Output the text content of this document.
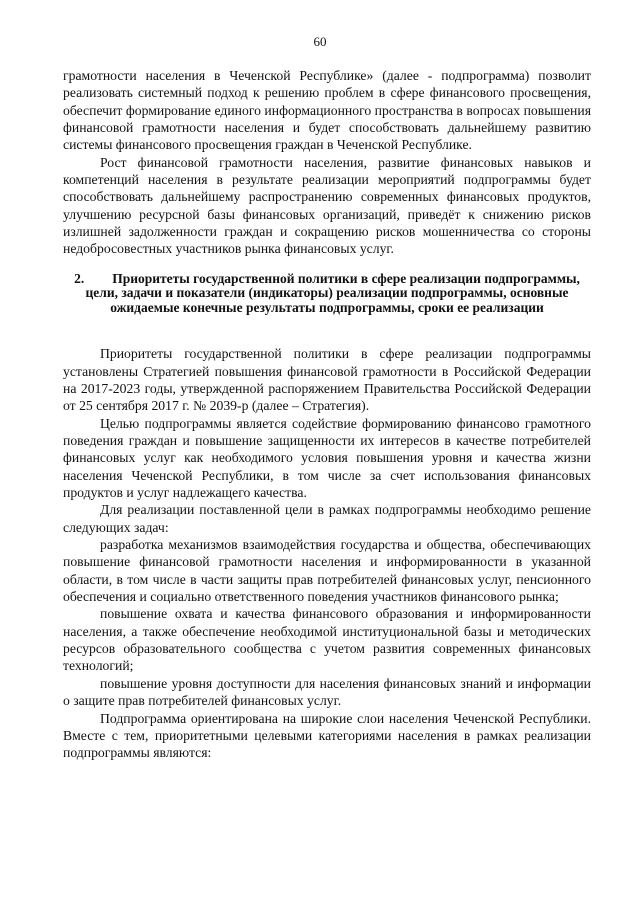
60

грамотности населения в Чеченской Республике» (далее - подпрограмма) позволит реализовать системный подход к решению проблем в сфере финансового просвещения, обеспечит формирование единого информационного пространства в вопросах повышения финансовой грамотности населения и будет способствовать дальнейшему развитию системы финансового просвещения граждан в Чеченской Республике.

Рост финансовой грамотности населения, развитие финансовых навыков и компетенций населения в результате реализации мероприятий подпрограммы будет способствовать дальнейшему распространению современных финансовых продуктов, улучшению ресурсной базы финансовых организаций, приведёт к снижению рисков излишней задолженности граждан и сокращению рисков мошенничества со стороны недобросовестных участников рынка финансовых услуг.

2. Приоритеты государственной политики в сфере реализации подпрограммы, цели, задачи и показатели (индикаторы) реализации подпрограммы, основные ожидаемые конечные результаты подпрограммы, сроки ее реализации

Приоритеты государственной политики в сфере реализации подпрограммы установлены Стратегией повышения финансовой грамотности в Российской Федерации на 2017-2023 годы, утвержденной распоряжением Правительства Российской Федерации от 25 сентября 2017 г. № 2039-р (далее – Стратегия).

Целью подпрограммы является содействие формированию финансово грамотного поведения граждан и повышение защищенности их интересов в качестве потребителей финансовых услуг как необходимого условия повышения уровня и качества жизни населения Чеченской Республики, в том числе за счет использования финансовых продуктов и услуг надлежащего качества.

Для реализации поставленной цели в рамках подпрограммы необходимо решение следующих задач:

разработка механизмов взаимодействия государства и общества, обеспечивающих повышение финансовой грамотности населения и информированности в указанной области, в том числе в части защиты прав потребителей финансовых услуг, пенсионного обеспечения и социально ответственного поведения участников финансового рынка;

повышение охвата и качества финансового образования и информированности населения, а также обеспечение необходимой институциональной базы и методических ресурсов образовательного сообщества с учетом развития современных финансовых технологий;

повышение уровня доступности для населения финансовых знаний и информации о защите прав потребителей финансовых услуг.

Подпрограмма ориентирована на широкие слои населения Чеченской Республики. Вместе с тем, приоритетными целевыми категориями населения в рамках реализации подпрограммы являются:
